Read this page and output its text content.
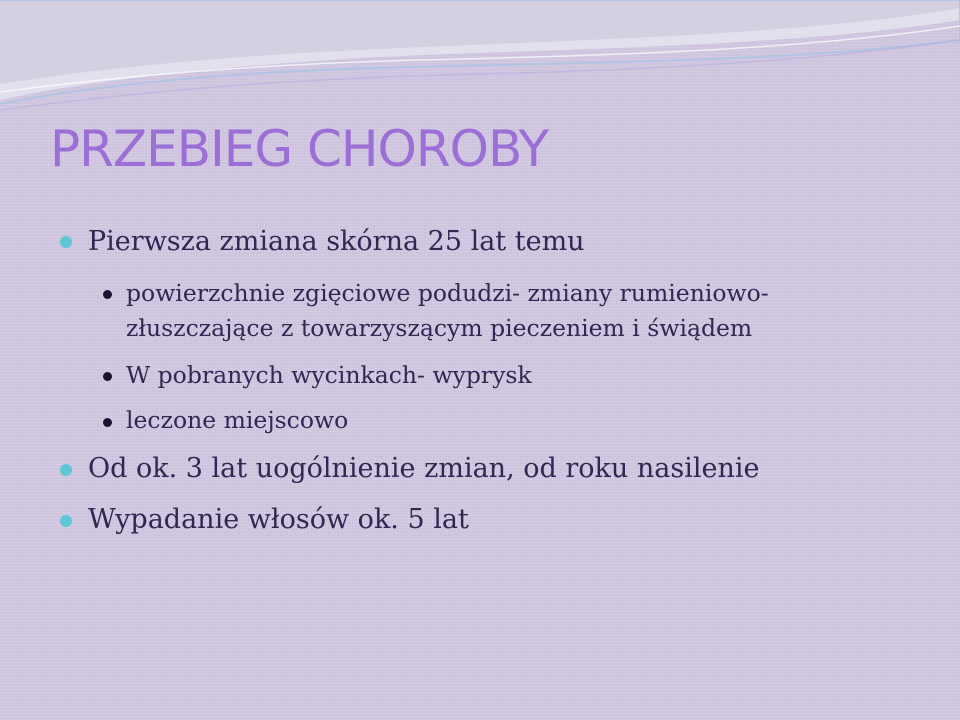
PRZEBIEG CHOROBY
Pierwsza zmiana skórna 25 lat temu
powierzchnie zgięciowe podudzi- zmiany rumieniowo-
złuszczające z towarzyszącym pieczeniem i świądem
W pobranych wycinkach- wyprysk
leczone miejscowo
Od ok. 3 lat uogólnienie zmian, od roku nasilenie
Wypadanie włosów ok. 5 lat
